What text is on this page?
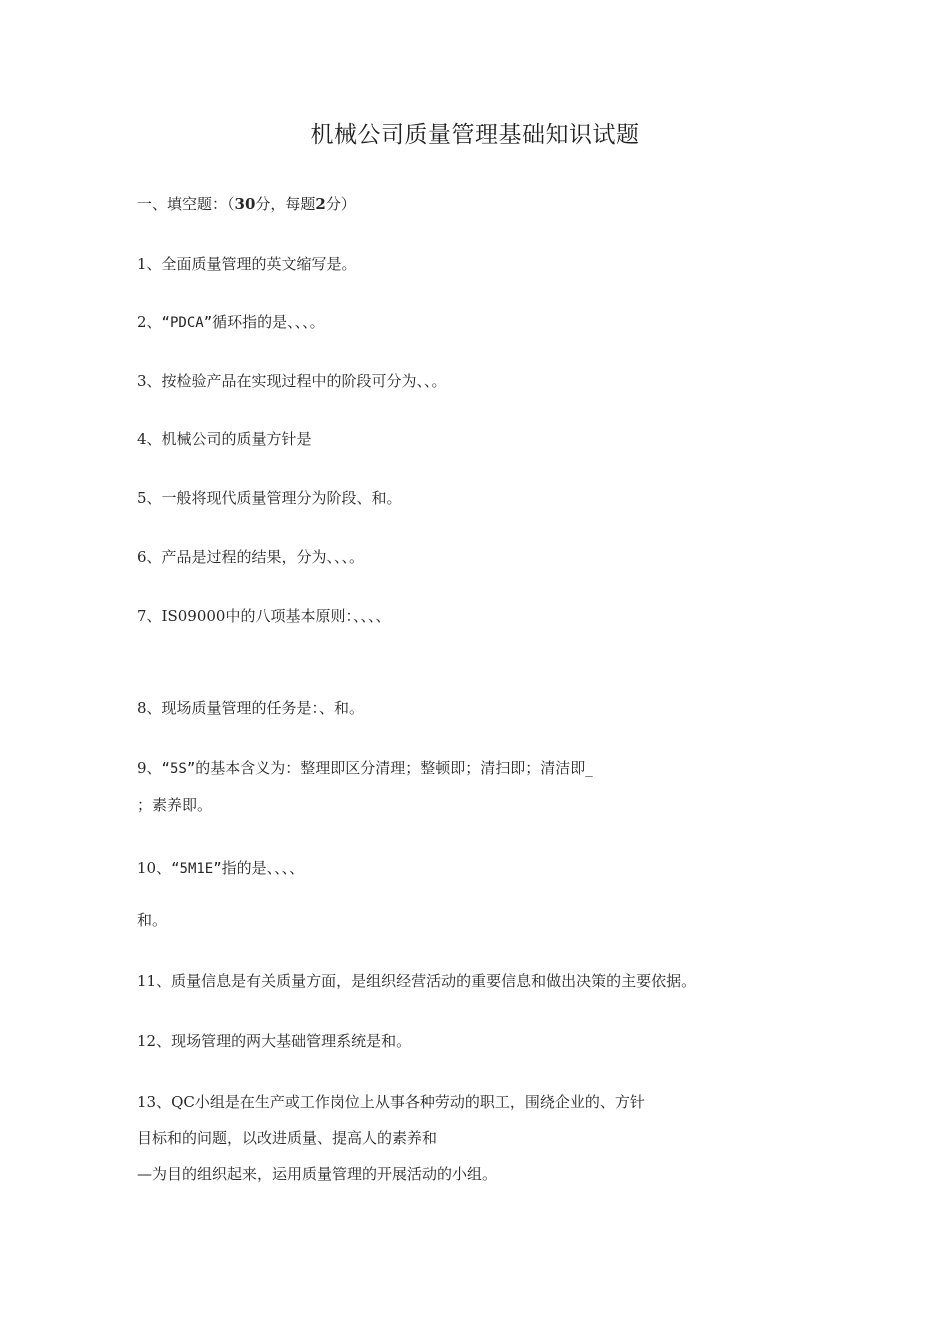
机械公司质量管理基础知识试题
一、填空题：（30分，每题2分）
1、全面质量管理的英文缩写是。
2、“PDCA”循环指的是、、、。
3、按检验产品在实现过程中的阶段可分为、、。
4、机械公司的质量方针是
5、一般将现代质量管理分为阶段、和。
6、产品是过程的结果，分为、、、。
7、IS09000中的八项基本原则：、、、、
8、现场质量管理的任务是：、和。
9、“5S”的基本含义为：整理即区分清理；整顿即；清扫即；清洁即_
；素养即。
10、“5M1E”指的是、、、、
和。
11、质量信息是有关质量方面，是组织经营活动的重要信息和做出决策的主要依据。
12、现场管理的两大基础管理系统是和。
13、QC小组是在生产或工作岗位上从事各种劳动的职工，围绕企业的、方针
目标和的问题，以改进质量、提高人的素养和
—为目的组织起来，运用质量管理的开展活动的小组。
